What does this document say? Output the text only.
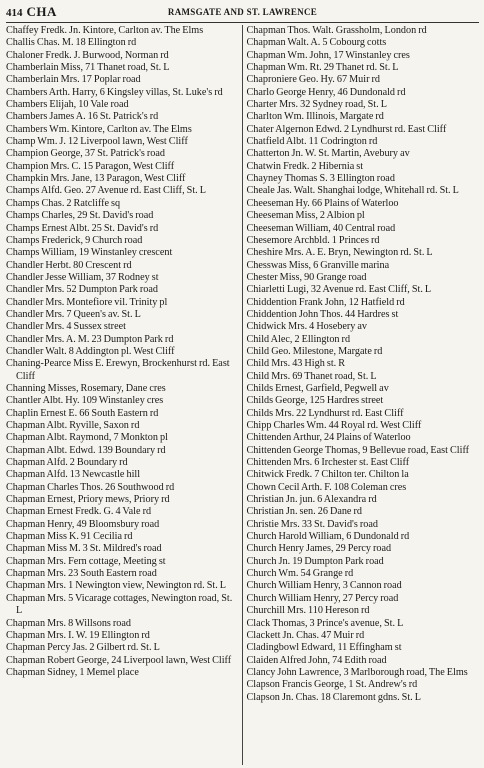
414 CHA	RAMSGATE AND ST. LAWRENCE
Chaffey Fredk. Jn. Kintore, Carlton av. The Elms
Challis Chas. M. 18 Ellington rd
Chaloner Fredk. J. Burwood, Norman rd
Chamberlain Miss, 71 Thanet road, St. L
Chamberlain Mrs. 17 Poplar road
Chambers Arth. Harry, 6 Kingsley villas, St. Luke's rd
Chambers Elijah, 10 Vale road
Chambers James A. 16 St. Patrick's rd
Chambers Wm. Kintore, Carlton av. The Elms
Champ Wm. J. 12 Liverpool lawn, West Cliff
Champion George, 37 St. Patrick's road
Champion Mrs. C. 15 Paragon, West Cliff
Champkin Mrs. Jane, 13 Paragon, West Cliff
Champs Alfd. Geo. 27 Avenue rd. East Cliff, St. L
Champs Chas. 2 Ratcliffe sq
Champs Charles, 29 St. David's road
Champs Ernest Albt. 25 St. David's rd
Champs Frederick, 9 Church road
Champs William, 19 Winstanley crescent
Chandler Herbt. 80 Crescent rd
Chandler Jesse William, 37 Rodney st
Chandler Mrs. 52 Dumpton Park road
Chandler Mrs. Montefiore vil. Trinity pl
Chandler Mrs. 7 Queen's av. St. L
Chandler Mrs. 4 Sussex street
Chandler Mrs. A. M. 23 Dumpton Park rd
Chandler Walt. 8 Addington pl. West Cliff
Chaning-Pearce Miss E. Erewyn, Brockenhurst rd. East Cliff
Channing Misses, Rosemary, Dane cres
Chantler Albt. Hy. 109 Winstanley cres
Chaplin Ernest E. 66 South Eastern rd
Chapman Albt. Ryville, Saxon rd
Chapman Albt. Raymond, 7 Monkton pl
Chapman Albt. Edwd. 139 Boundary rd
Chapman Alfd. 2 Boundary rd
Chapman Alfd. 13 Newcastle hill
Chapman Charles Thos. 26 Southwood rd
Chapman Ernest, Priory mews, Priory rd
Chapman Ernest Fredk. G. 4 Vale rd
Chapman Henry, 49 Bloomsbury road
Chapman Miss K. 91 Cecilia rd
Chapman Miss M. 3 St. Mildred's road
Chapman Mrs. Fern cottage, Meeting st
Chapman Mrs. 23 South Eastern road
Chapman Mrs. 1 Newington view, Newington rd. St. L
Chapman Mrs. 5 Vicarage cottages, Newington road, St. L
Chapman Mrs. 8 Willsons road
Chapman Mrs. I. W. 19 Ellington rd
Chapman Percy Jas. 2 Gilbert rd. St. L
Chapman Robert George, 24 Liverpool lawn, West Cliff
Chapman Sidney, 1 Memel place
Chapman Thos. Walt. Grassholm, London rd
Chapman Walt. A. 5 Cobourg cotts
Chapman Wm. John, 17 Winstanley cres
Chapman Wm. Rt. 29 Thanet rd. St. L
Chaproniere Geo. Hy. 67 Muir rd
Charlo George Henry, 46 Dundonald rd
Charter Mrs. 32 Sydney road, St. L
Charlton Wm. Illinois, Margate rd
Chater Algernon Edwd. 2 Lyndhurst rd. East Cliff
Chatfield Albt. 11 Codrington rd
Chatterton Jn. W. St. Martin, Avebury av
Chatwin Fredk. 2 Hibernia st
Chayney Thomas S. 3 Ellington road
Cheale Jas. Walt. Shanghai lodge, Whitehall rd. St. L
Cheeseman Hy. 66 Plains of Waterloo
Cheeseman Miss, 2 Albion pl
Cheeseman William, 40 Central road
Chesemore Archbld. 1 Princes rd
Cheshire Mrs. A. E. Bryn, Newington rd. St. L
Chesswas Miss, 6 Granville marina
Chester Miss, 90 Grange road
Chiarletti Lugi, 32 Avenue rd. East Cliff, St. L
Chiddention Frank John, 12 Hatfield rd
Chiddention John Thos. 44 Hardres st
Chidwick Mrs. 4 Hosebery av
Child Alec, 2 Ellington rd
Child Geo. Milestone, Margate rd
Child Mrs. 43 High st. R
Child Mrs. 69 Thanet road, St. L
Childs Ernest, Garfield, Pegwell av
Childs George, 125 Hardres street
Childs Mrs. 22 Lyndhurst rd. East Cliff
Chipp Charles Wm. 44 Royal rd. West Cliff
Chittenden Arthur, 24 Plains of Waterloo
Chittenden George Thomas, 9 Bellevue road, East Cliff
Chittenden Mrs. 6 Irchester st. East Cliff
Chitwick Fredk. 7 Chilton ter. Chilton la
Chown Cecil Arth. F. 108 Coleman cres
Christian Jn. jun. 6 Alexandra rd
Christian Jn. sen. 26 Dane rd
Christie Mrs. 33 St. David's road
Church Harold William, 6 Dundonald rd
Church Henry James, 29 Percy road
Church Jn. 19 Dumpton Park road
Church Wm. 54 Grange rd
Church William Henry, 3 Cannon road
Church William Henry, 27 Percy road
Churchill Mrs. 110 Hereson rd
Clack Thomas, 3 Prince's avenue, St. L
Clackett Jn. Chas. 47 Muir rd
Cladingbowl Edward, 11 Effingham st
Claiden Alfred John, 74 Edith road
Clancy John Lawrence, 3 Marlborough road, The Elms
Clapson Francis George, 1 St. Andrew's rd
Clapson Jn. Chas. 18 Claremont gdns. St. L
